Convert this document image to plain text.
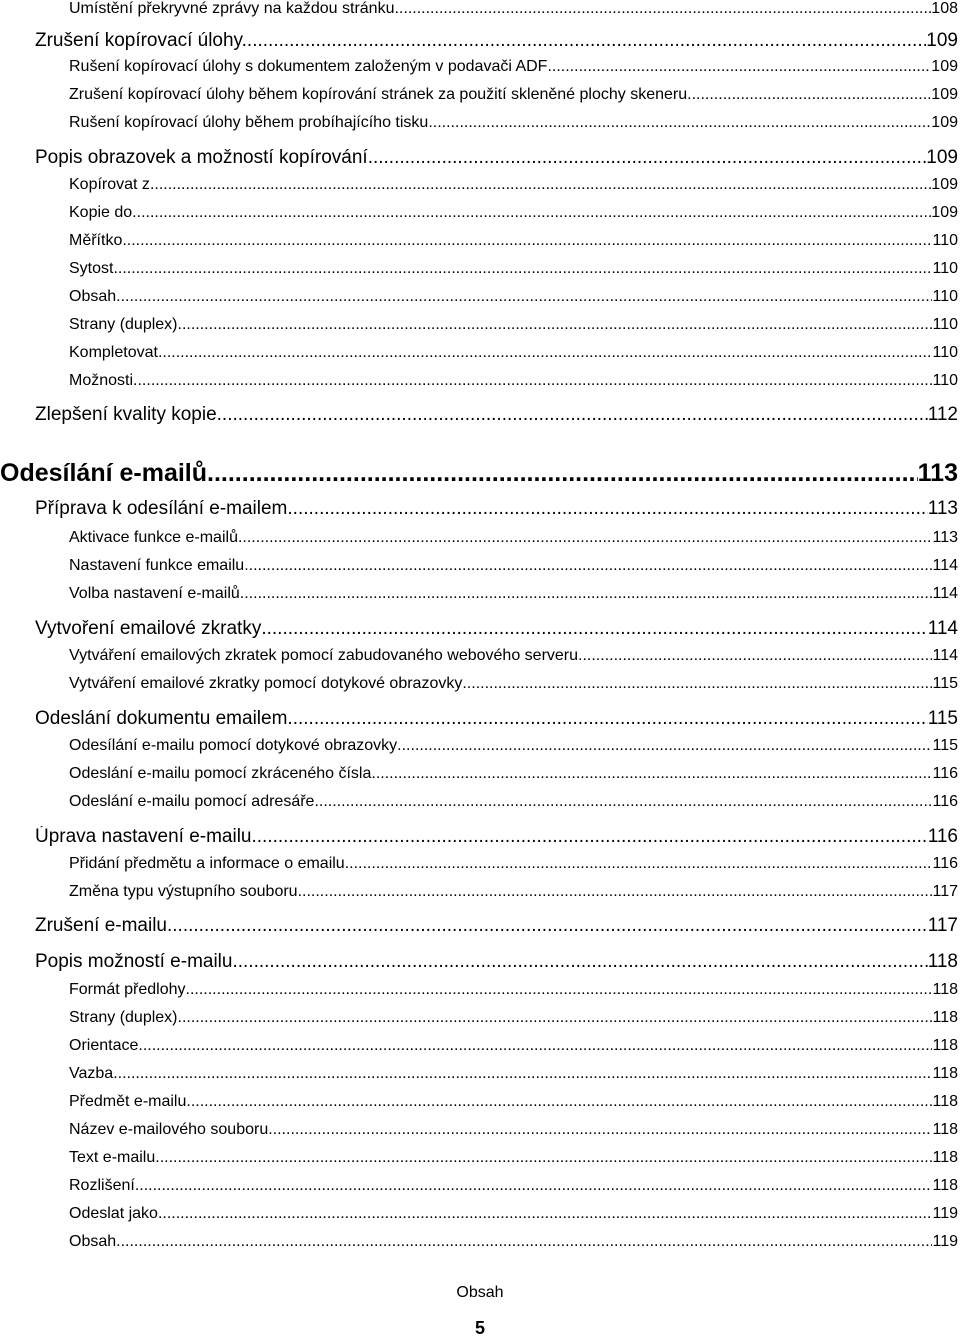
Umístění překryvné zprávy na každou stránku .....	108
Zrušení kopírovací úlohy. .....	109
Rušení kopírovací úlohy s dokumentem založeným v podavači ADF .....	109
Zrušení kopírovací úlohy během kopírování stránek za použití skleněné plochy skeneru .....	109
Rušení kopírovací úlohy během probíhajícího tisku. .....	109
Popis obrazovek a možností kopírování .....	109
Kopírovat z .....	109
Kopie do .....	109
Měřítko .....	110
Sytost .....	110
Obsah .....	110
Strany (duplex) .....	110
Kompletovat .....	110
Možnosti .....	110
Zlepšení kvality kopie .....	112
Odesílání e-mailů .....	113
Příprava k odesílání e-mailem .....	113
Aktivace funkce e-mailů .....	113
Nastavení funkce emailu .....	114
Volba nastavení e-mailů .....	114
Vytvoření emailové zkratky .....	114
Vytváření emailových zkratek pomocí zabudovaného webového serveru .....	114
Vytváření emailové zkratky pomocí dotykové obrazovky .....	115
Odeslání dokumentu emailem .....	115
Odesílání e-mailu pomocí dotykové obrazovky .....	115
Odeslání e-mailu pomocí zkráceného čísla .....	116
Odeslání e-mailu pomocí adresáře .....	116
Úprava nastavení e-mailu .....	116
Přidání předmětu a informace o emailu .....	116
Změna typu výstupního souboru .....	117
Zrušení e-mailu .....	117
Popis možností e-mailu .....	118
Formát předlohy .....	118
Strany (duplex) .....	118
Orientace .....	118
Vazba .....	118
Předmět e-mailu .....	118
Název e-mailového souboru .....	118
Text e-mailu .....	118
Rozlišení .....	118
Odeslat jako .....	119
Obsah .....	119
Obsah
5
